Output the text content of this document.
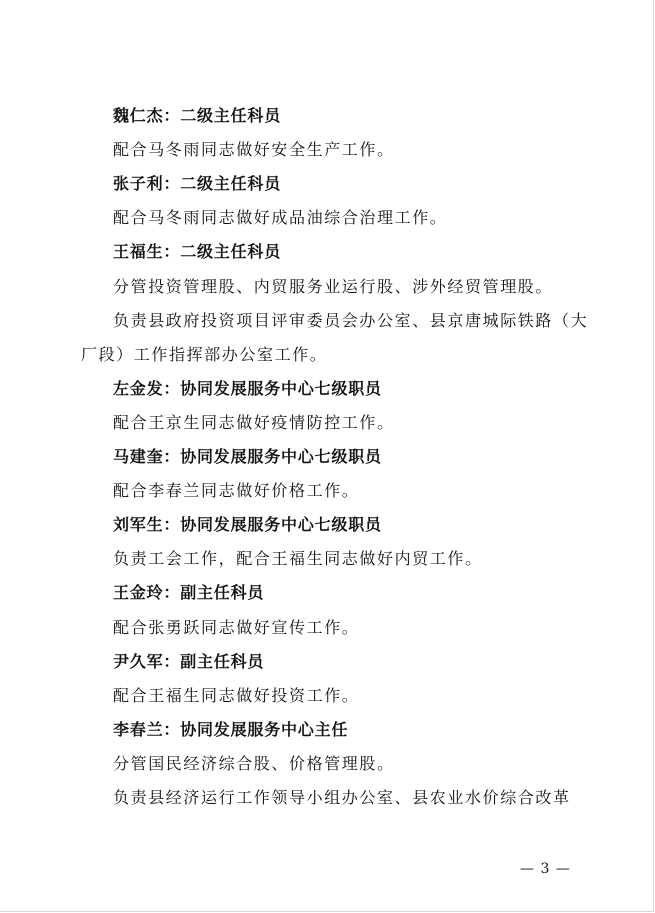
魏仁杰：二级主任科员
配合马冬雨同志做好安全生产工作。
张子利：二级主任科员
配合马冬雨同志做好成品油综合治理工作。
王福生：二级主任科员
分管投资管理股、内贸服务业运行股、涉外经贸管理股。
负责县政府投资项目评审委员会办公室、县京唐城际铁路（大
厂段）工作指挥部办公室工作。
左金发：协同发展服务中心七级职员
配合王京生同志做好疫情防控工作。
马建奎：协同发展服务中心七级职员
配合李春兰同志做好价格工作。
刘军生：协同发展服务中心七级职员
负责工会工作，配合王福生同志做好内贸工作。
王金玲：副主任科员
配合张勇跃同志做好宣传工作。
尹久军：副主任科员
配合王福生同志做好投资工作。
李春兰：协同发展服务中心主任
分管国民经济综合股、价格管理股。
负责县经济运行工作领导小组办公室、县农业水价综合改革
— 3 —
